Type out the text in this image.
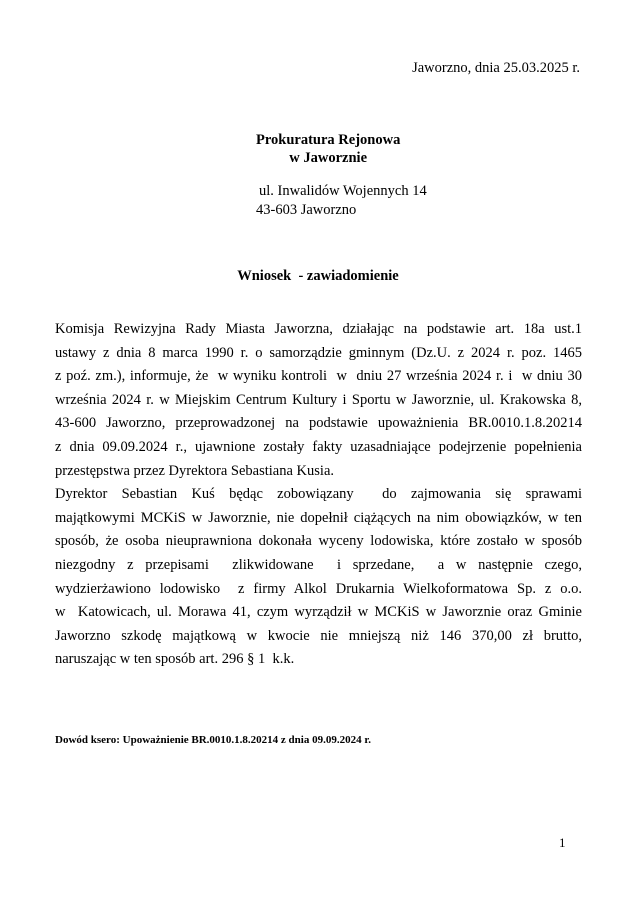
Jaworzno, dnia 25.03.2025 r.
Prokuratura Rejonowa
w Jaworznie
ul. Inwalidów Wojennych 14
43-603 Jaworzno
Wniosek  - zawiadomienie
Komisja Rewizyjna Rady Miasta Jaworzna, działając na podstawie art. 18a ust.1
ustawy z dnia 8 marca 1990 r. o samorządzie gminnym (Dz.U. z 2024 r. poz. 1465
z poź. zm.), informuje, że  w wyniku kontroli  w  dniu 27 września 2024 r. i  w dniu 30
września 2024 r. w Miejskim Centrum Kultury i Sportu w Jaworznie, ul. Krakowska 8,
43-600 Jaworzno, przeprowadzonej na podstawie upoważnienia BR.0010.1.8.20214
z dnia 09.09.2024 r., ujawnione zostały fakty uzasadniające podejrzenie popełnienia
przestępstwa przez Dyrektora Sebastiana Kusia.
Dyrektor Sebastian Kuś będąc zobowiązany  do zajmowania się sprawami
majątkowymi MCKiS w Jaworznie, nie dopełnił ciążących na nim obowiązków, w ten
sposób, że osoba nieuprawniona dokonała wyceny lodowiska, które zostało w sposób
niezgodny z przepisami  zlikwidowane  i sprzedane,  a w następnie czego,
wydzierżawiono lodowisko  z firmy Alkol Drukarnia Wielkoformatowa Sp. z o.o.
w  Katowicach, ul. Morawa 41, czym wyrządził w MCKiS w Jaworznie oraz Gminie
Jaworzno szkodę majątkową w kwocie nie mniejszą niż 146 370,00 zł brutto,
naruszając w ten sposób art. 296 § 1  k.k.
Dowód ksero: Upoważnienie BR.0010.1.8.20214 z dnia 09.09.2024 r.
1
